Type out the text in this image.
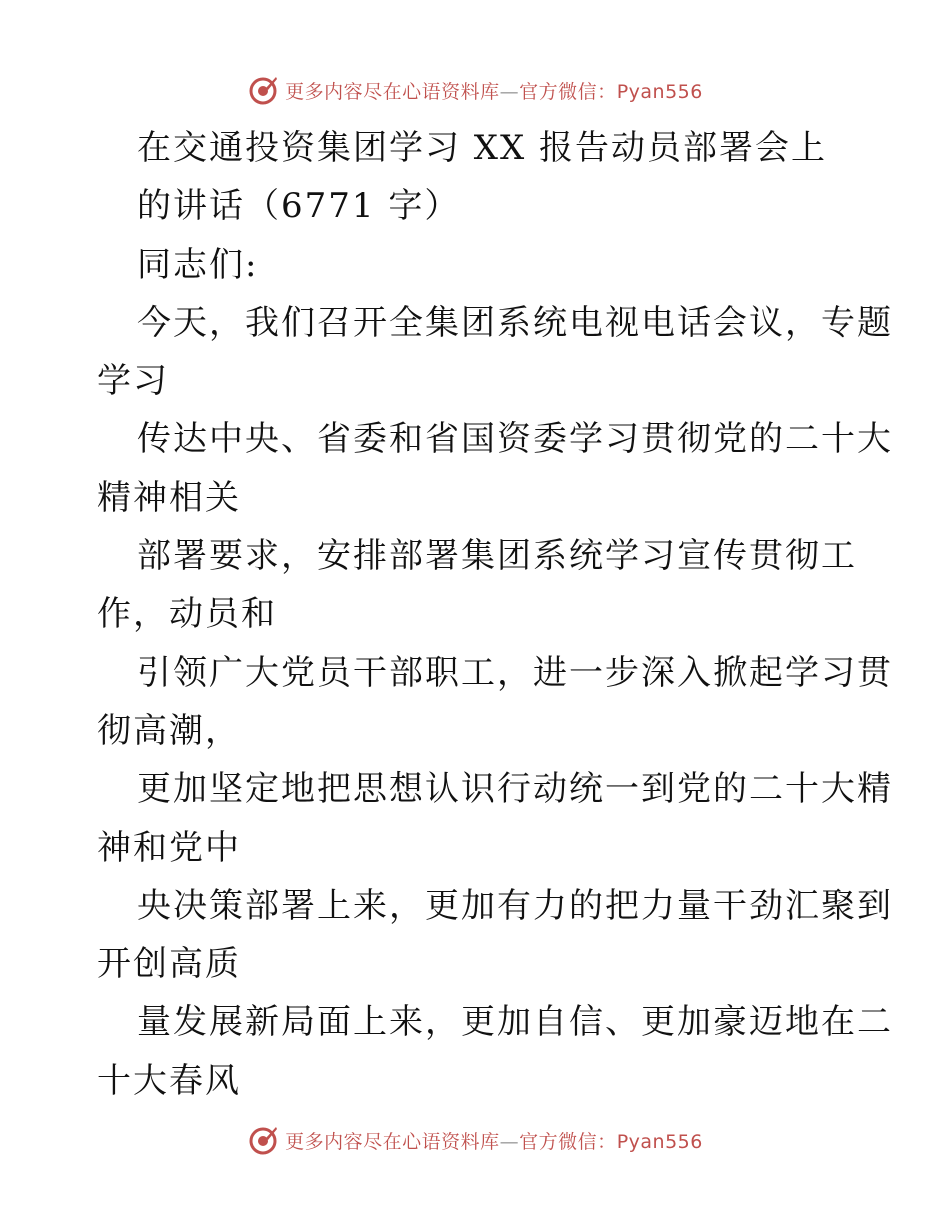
更多内容尽在心语资料库—官方微信：Pyan556
在交通投资集团学习 XX 报告动员部署会上
的讲话（6771 字）
同志们:
今天，我们召开全集团系统电视电话会议，专题
学习
传达中央、省委和省国资委学习贯彻党的二十大
精神相关
部署要求，安排部署集团系统学习宣传贯彻工
作，动员和
引领广大党员干部职工，进一步深入掀起学习贯
彻高潮，
更加坚定地把思想认识行动统一到党的二十大精
神和党中
央决策部署上来，更加有力的把力量干劲汇聚到
开创高质
量发展新局面上来，更加自信、更加豪迈地在二
十大春风
更多内容尽在心语资料库—官方微信：Pyan556
